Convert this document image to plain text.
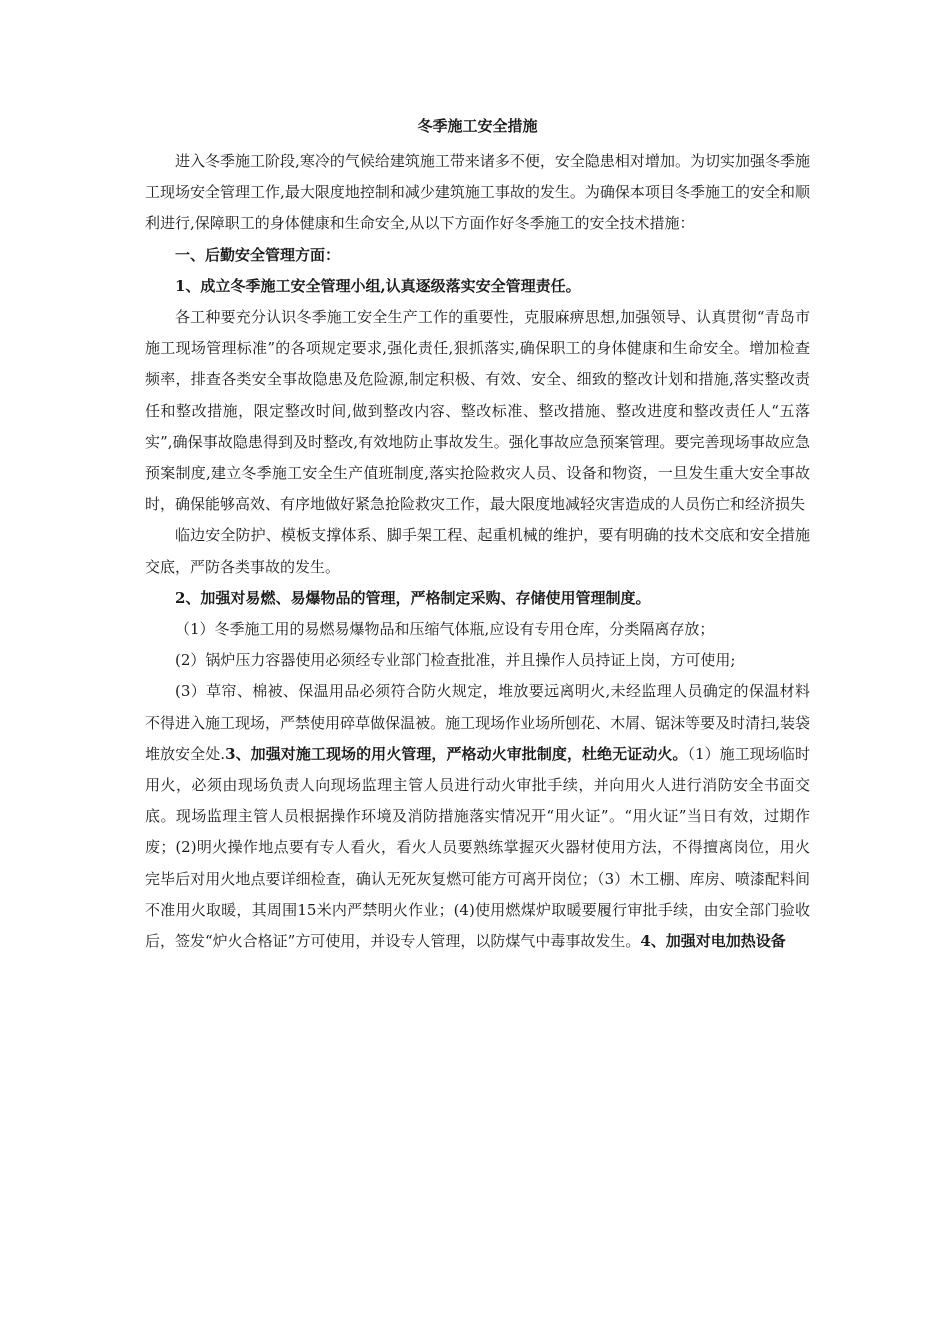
冬季施工安全措施

进入冬季施工阶段,寒冷的气候给建筑施工带来诸多不便，安全隐患相对增加。为切实加强冬季施工现场安全管理工作,最大限度地控制和减少建筑施工事故的发生。为确保本项目冬季施工的安全和顺利进行,保障职工的身体健康和生命安全,从以下方面作好冬季施工的安全技术措施：

一、后勤安全管理方面：

1、成立冬季施工安全管理小组,认真逐级落实安全管理责任。

各工种要充分认识冬季施工安全生产工作的重要性，克服麻痹思想,加强领导、认真贯彻“青岛市施工现场管理标准”的各项规定要求,强化责任,狠抓落实,确保职工的身体健康和生命安全。增加检查频率，排查各类安全事故隐患及危险源,制定积极、有效、安全、细致的整改计划和措施,落实整改责任和整改措施，限定整改时间,做到整改内容、整改标准、整改措施、整改进度和整改责任人“五落实”,确保事故隐患得到及时整改,有效地防止事故发生。强化事故应急预案管理。要完善现场事故应急预案制度,建立冬季施工安全生产值班制度,落实抢险救灾人员、设备和物资，一旦发生重大安全事故时，确保能够高效、有序地做好紧急抢险救灾工作，最大限度地减轻灾害造成的人员伤亡和经济损失

临边安全防护、模板支撑体系、脚手架工程、起重机械的维护，要有明确的技术交底和安全措施交底，严防各类事故的发生。

2、加强对易燃、易爆物品的管理，严格制定采购、存储使用管理制度。

（1）冬季施工用的易燃易爆物品和压缩气体瓶,应设有专用仓库，分类隔离存放；

(2）锅炉压力容器使用必须经专业部门检查批准，并且操作人员持证上岗，方可使用;

(3）草帘、棉被、保温用品必须符合防火规定，堆放要远离明火,未经监理人员确定的保温材料不得进入施工现场，严禁使用碎草做保温被。施工现场作业场所刨花、木屑、锯沫等要及时清扫,装袋堆放安全处.3、加强对施工现场的用火管理，严格动火审批制度，杜绝无证动火。（1）施工现场临时用火，必须由现场负责人向现场监理主管人员进行动火审批手续，并向用火人进行消防安全书面交底。现场监理主管人员根据操作环境及消防措施落实情况开“用火证”。“用火证”当日有效，过期作废；(2)明火操作地点要有专人看火，看火人员要熟练掌握灭火器材使用方法，不得擅离岗位，用火完毕后对用火地点要详细检查，确认无死灰复燃可能方可离开岗位；（3）木工棚、库房、喷漆配料间不准用火取暖，其周围15米内严禁明火作业；(4)使用燃煤炉取暖要履行审批手续，由安全部门验收后，签发“炉火合格证”方可使用，并设专人管理，以防煤气中毒事故发生。4、加强对电加热设备
